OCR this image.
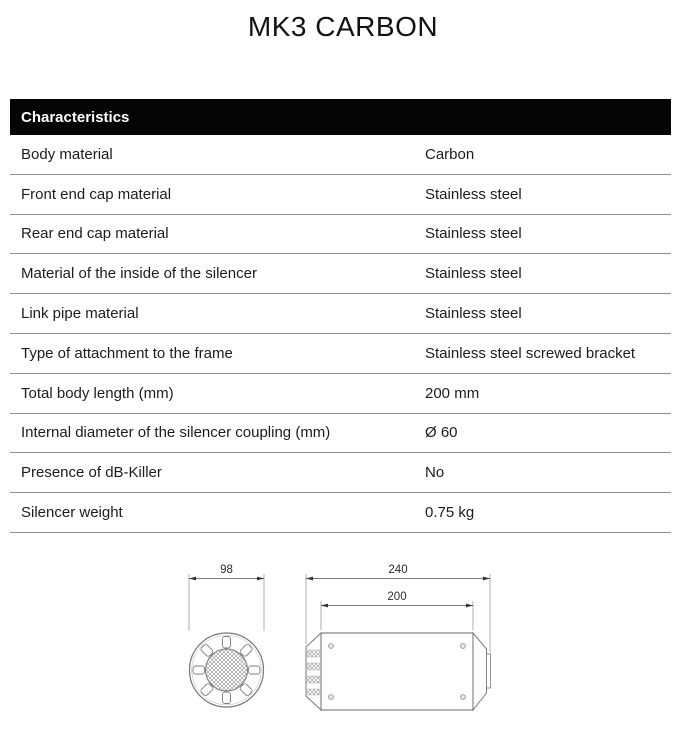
MK3 CARBON
Characteristics
Body material	Carbon
Front end cap material	Stainless steel
Rear end cap material	Stainless steel
Material of the inside of the silencer	Stainless steel
Link pipe material	Stainless steel
Type of attachment to the frame	Stainless steel screwed bracket
Total body length (mm)	200 mm
Internal diameter of the silencer coupling (mm)	Ø 60
Presence of dB-Killer	No
Silencer weight	0.75 kg
98	240
200
